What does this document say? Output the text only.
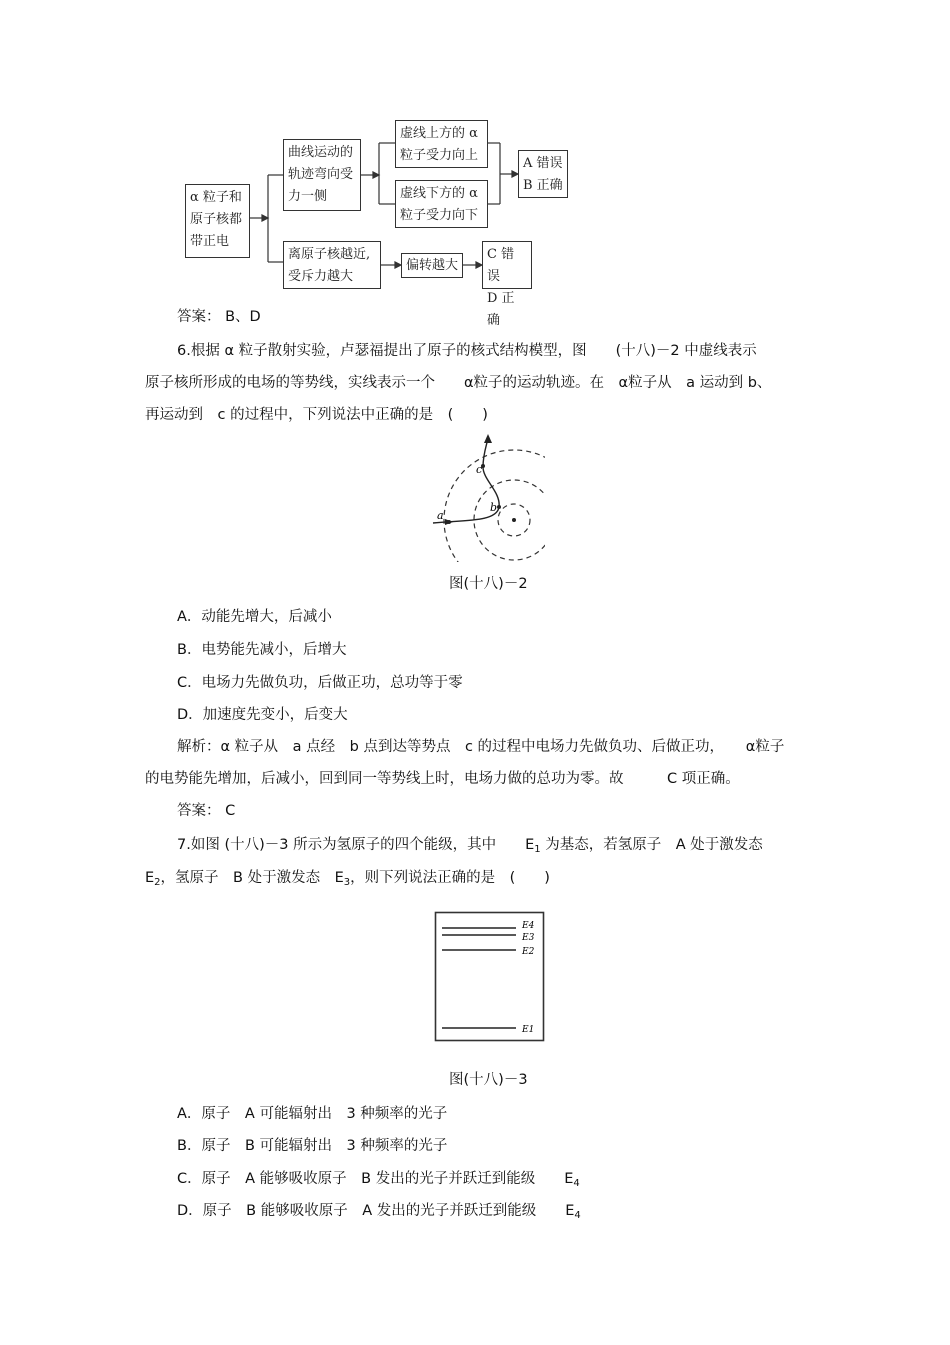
α 粒子和
原子核都
带正电
曲线运动的
轨迹弯向受
力一侧
虚线上方的 α
粒子受力向上
虚线下方的 α
粒子受力向下
A 错误
B 正确
离原子核越近,
受斥力越大
偏转越大
C 错误
D 正确
答案： B、D
6.根据 α 粒子散射实验，卢瑟福提出了原子的核式结构模型，图　　(十八)－2 中虚线表示
原子核所形成的电场的等势线，实线表示一个　　α粒子的运动轨迹。在　α粒子从　a 运动到 b、
再运动到　c 的过程中，下列说法中正确的是　(　　)
a
b
c
图(十八)－2
A．动能先增大，后减小
B．电势能先减小，后增大
C．电场力先做负功，后做正功，总功等于零
D．加速度先变小，后变大
解析：α 粒子从　a 点经　b 点到达等势点　c 的过程中电场力先做负功、后做正功，　　α粒子
的电势能先增加，后减小，回到同一等势线上时，电场力做的总功为零。故　　　C 项正确。
答案： C
7.如图 (十八)－3 所示为氢原子的四个能级，其中　　$E_1$ 为基态，若氢原子　A 处于激发态
$E_2$，氢原子　B 处于激发态　$E_3$，则下列说法正确的是　(　　)
E4
E3
E2
E1
图(十八)－3
A．原子　A 可能辐射出　3 种频率的光子
B．原子　B 可能辐射出　3 种频率的光子
C．原子　A 能够吸收原子　B 发出的光子并跃迁到能级　　$E_4$
D．原子　B 能够吸收原子　A 发出的光子并跃迁到能级　　$E_4$
